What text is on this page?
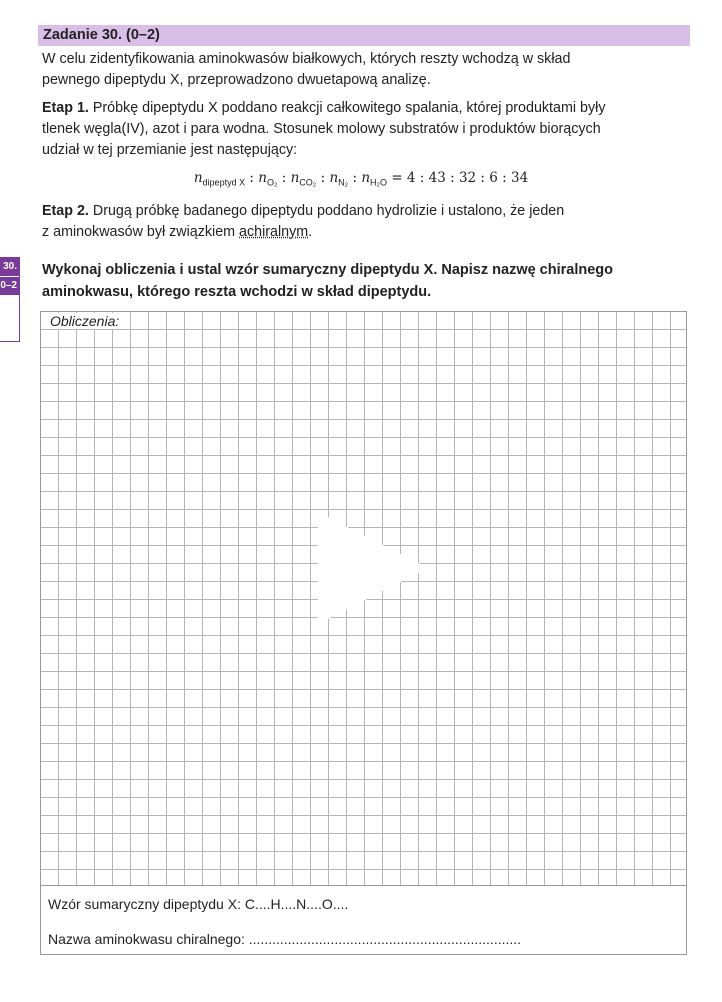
Zadanie 30. (0–2)
W celu zidentyfikowania aminokwasów białkowych, których reszty wchodzą w skład
pewnego dipeptydu X, przeprowadzono dwuetapową analizę.
Etap 1. Próbkę dipeptydu X poddano reakcji całkowitego spalania, której produktami były
tlenek węgla(IV), azot i para wodna. Stosunek molowy substratów i produktów biorących
udział w tej przemianie jest następujący:
$n_{dipeptyd X}$ : $n_{O_2}$ : $n_{CO_2}$ : $n_{N_2}$ : $n_{H_2O} = 4$ : 43 : 32 : 6 : 34
Etap 2. Drugą próbkę badanego dipeptydu poddano hydrolizie i ustalono, że jeden
z aminokwasów był związkiem achiralnym.
30.
0–2
Wykonaj obliczenia i ustal wzór sumaryczny dipeptydu X. Napisz nazwę chiralnego
aminokwasu, którego reszta wchodzi w skład dipeptydu.
Obliczenia:
Wzór sumaryczny dipeptydu X: C....H....N....O....
Nazwa aminokwasu chiralnego: ......................................................................
